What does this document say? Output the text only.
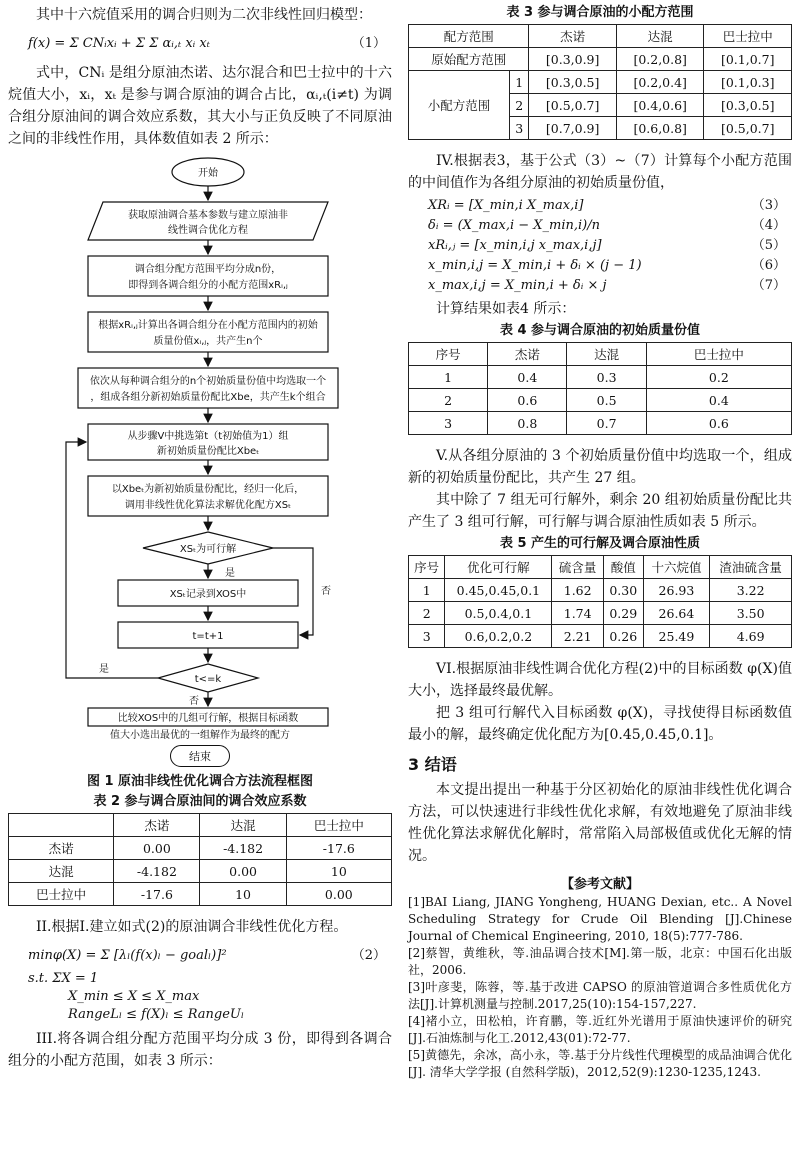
其中十六烷值采用的调合归则为二次非线性回归模型：

f(x) = Σ CNᵢxᵢ + Σ Σ αᵢ,ₜ xᵢ xₜ	（1）

式中，CNᵢ 是组分原油杰诺、达尔混合和巴士拉中的十六烷值大小，xᵢ，xₜ 是参与调合原油的调合占比，αᵢ,ₜ(i≠t) 为调合组分原油间的调合效应系数，其大小与正负反映了不同原油之间的非线性作用，具体数值如表 2 所示：

开始
获取原油调合基本参数与建立原油非
线性调合优化方程
调合组分配方范围平均分成n份，
即得到各调合组分的小配方范围xRᵢ,ⱼ
根据xRᵢ,ⱼ计算出各调合组分在小配方范围内的初始
质量份值xᵢ,ⱼ，共产生n个
依次从每种调合组分的n个初始质量份值中均选取一个
，组成各组分新初始质量份配比Xbe，共产生k个组合
从步骤V中挑选第t（t初始值为1）组
新初始质量份配比Xbeₜ
以Xbeₜ为新初始质量份配比，经归一化后，
调用非线性优化算法求解优化配方XSₜ
XSₜ为可行解
是
否
XSₜ记录到XOS中
t=t+1
t<=k
是
否
比较XOS中的几组可行解，根据目标函数
值大小选出最优的一组解作为最终的配方
结束
图 1 原油非线性优化调合方法流程框图
表 2 参与调合原油间的调合效应系数
	杰诺	达混	巴士拉中
杰诺	0.00	-4.182	-17.6
达混	-4.182	0.00	10
巴士拉中	-17.6	10	0.00

II.根据I.建立如式(2)的原油调合非线性优化方程。

minφ(X) = Σ [λₗ(f(x)ₗ − goalₗ)]²	（2）
s.t. ΣX = 1
X_min ≤ X ≤ X_max
RangeLₗ ≤ f(X)ₗ ≤ RangeUₗ

III.将各调合组分配方范围平均分成 3 份，即得到各调合组分的小配方范围，如表 3 所示：

表 3 参与调合原油的小配方范围
配方范围		杰诺	达混	巴士拉中
原始配方范围		[0.3,0.9]	[0.2,0.8]	[0.1,0.7]
小配方范围	1	[0.3,0.5]	[0.2,0.4]	[0.1,0.3]
	2	[0.5,0.7]	[0.4,0.6]	[0.3,0.5]
	3	[0.7,0.9]	[0.6,0.8]	[0.5,0.7]

IV.根据表3，基于公式（3）~（7）计算每个小配方范围的中间值作为各组分原油的初始质量份值，

XRᵢ = [X_min,i X_max,i]	（3）
δᵢ = (X_max,i − X_min,i)/n	（4）
xRᵢ,ⱼ = [x_min,i,j x_max,i,j]	（5）
x_min,i,j = X_min,i + δᵢ × (j − 1)	（6）
x_max,i,j = X_min,i + δᵢ × j	（7）

计算结果如表4 所示：

表 4 参与调合原油的初始质量份值
序号	杰诺	达混	巴士拉中
1	0.4	0.3	0.2
2	0.6	0.5	0.4
3	0.8	0.7	0.6

V.从各组分原油的 3 个初始质量份值中均选取一个，组成新的初始质量份配比，共产生 27 组。

其中除了 7 组无可行解外，剩余 20 组初始质量份配比共产生了 3 组可行解，可行解与调合原油性质如表 5 所示。

表 5 产生的可行解及调合原油性质
序号	优化可行解	硫含量	酸值	十六烷值	渣油硫含量
1	0.45,0.45,0.1	1.62	0.30	26.93	3.22
2	0.5,0.4,0.1	1.74	0.29	26.64	3.50
3	0.6,0.2,0.2	2.21	0.26	25.49	4.69

VI.根据原油非线性调合优化方程(2)中的目标函数 φ(X)值大小，选择最终最优解。

把 3 组可行解代入目标函数 φ(X)，寻找使得目标函数值最小的解，最终确定优化配方为[0.45,0.45,0.1]。

3 结语

本文提出提出一种基于分区初始化的原油非线性优化调合方法，可以快速进行非线性优化求解，有效地避免了原油非线性优化算法求解优化解时，常常陷入局部极值或优化无解的情况。

【参考文献】
[1]BAI Liang, JIANG Yongheng, HUANG Dexian, etc.. A Novel Scheduling Strategy for Crude Oil Blending [J].Chinese Journal of Chemical Engineering, 2010, 18(5):777-786.
[2]蔡智，黄维秋，等.油品调合技术[M].第一版，北京：中国石化出版社，2006.
[3]叶彦斐，陈蓉，等.基于改进 CAPSO 的原油管道调合多性质优化方法[J].计算机测量与控制.2017,25(10):154-157,227.
[4]褚小立，田松柏，许育鹏，等.近红外光谱用于原油快速评价的研究[J].石油炼制与化工.2012,43(01):72-77.
[5]黄德先，余冰，高小永，等.基于分片线性代理模型的成品油调合优化 [J]. 清华大学学报 (自然科学版)，2012,52(9):1230-1235,1243.
